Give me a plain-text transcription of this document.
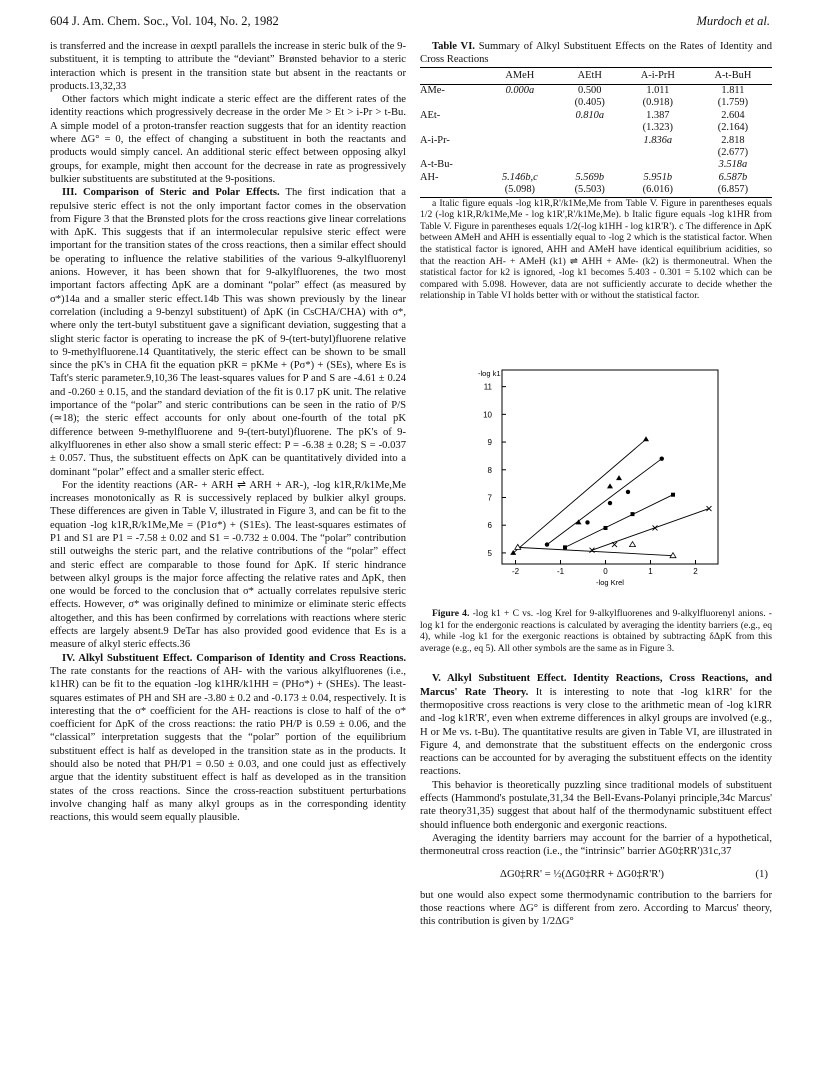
604 J. Am. Chem. Soc., Vol. 104, No. 2, 1982	Murdoch et al.

is transferred and the increase in αexptl parallels the increase in steric bulk of the 9-substituent, it is tempting to attribute the “deviant” Brønsted behavior to a steric interaction which is present in the transition state but absent in the reactants or products.13,32,33

Other factors which might indicate a steric effect are the different rates of the identity reactions which progressively decrease in the order Me > Et > i-Pr > t-Bu. A simple model of a proton-transfer reaction suggests that for an identity reaction where ΔG° = 0, the effect of changing a substituent in both the reactants and products would simply cancel. An additional steric effect between opposing alkyl groups, for example, might then account for the decrease in rate as progressively bulkier substituents are substituted at the 9-positions.

III. Comparison of Steric and Polar Effects. The first indication that a repulsive steric effect is not the only important factor comes in the observation from Figure 3 that the Brønsted plots for the cross reactions give linear correlations with ΔpK. This suggests that if an intermolecular repulsive steric effect were important for the transition states of the cross reactions, then a similar effect should be operating to influence the relative stabilities of the various 9-alkylfluorenyl anions. However, it has been shown that for 9-alkylfluorenes, the two most important factors affecting ΔpK are a dominant “polar” effect (as measured by σ*)14a and a smaller steric effect.14b This was shown previously by the linear correlation (including a 9-benzyl substituent) of ΔpK (in CsCHA/CHA) with σ*, where only the tert-butyl substituent gave a significant deviation, suggesting that a slight steric factor is operating to increase the pK of 9-(tert-butyl)fluorene relative to 9-methylfluorene.14 Quantitatively, the steric effect can be shown to be small since the pK's in CHA fit the equation pKR = pKMe + (Pσ*) + (SEs), where Es is Taft's steric parameter.9,10,36 The least-squares values for P and S are -4.61 ± 0.24 and -0.260 ± 0.15, and the standard deviation of the fit is 0.17 pK unit. The relative importance of the “polar” and steric contributions can be seen in the ratio of P/S (≃18); the steric effect accounts for only about one-fourth of the total pK difference between 9-methylfluorene and 9-(tert-butyl)fluorene. The pK's of 9-alkylfluorenes in ether also show a small steric effect: P = -6.38 ± 0.28; S = -0.037 ± 0.057. Thus, the substituent effects on ΔpK can be quantitatively divided into a dominant “polar” effect and a smaller steric effect.

For the identity reactions (AR- + ARH ⇌ ARH + AR-), -log k1R,R/k1Me,Me increases monotonically as R is successively replaced by bulkier alkyl groups. These differences are given in Table V, illustrated in Figure 3, and can be fit to the equation -log k1R,R/k1Me,Me = (P1σ*) + (S1Es). The least-squares estimates of P1 and S1 are P1 = -7.58 ± 0.02 and S1 = -0.732 ± 0.004. The “polar” contribution still outweighs the steric part, and the relative contributions of the “polar” effect and steric effect are comparable to those found for ΔpK. If steric hindrance between alkyl groups is the major force affecting the relative rates and ΔpK, then one would be forced to the conclusion that σ* actually correlates repulsive steric effects. However, σ* was originally defined to minimize or eliminate steric effects altogether, and this has been confirmed by correlations with reactions where steric effects are largely absent.9 DeTar has also provided good evidence that Es is a measure of alkyl steric effects.36

IV. Alkyl Substituent Effect. Comparison of Identity and Cross Reactions. The rate constants for the reactions of AH- with the various alkylfluorenes (i.e., k1HR) can be fit to the equation -log k1HR/k1HH = (PHσ*) + (SHEs). The least-squares estimates of PH and SH are -3.80 ± 0.2 and -0.173 ± 0.04, respectively. It is interesting that the σ* coefficient for the AH- reactions is close to half of the σ* coefficient for ΔpK of the cross reactions: the ratio PH/P is 0.59 ± 0.06, and the “classical” interpretation suggests that the “polar” portion of the equilibrium substituent effect is half as developed in the transition state as in the products. It should also be noted that PH/P1 = 0.50 ± 0.03, and one could just as effectively argue that the identity substituent effect is half as developed as in the transition states of the cross reactions. Since the cross-reaction substituent perturbations involve changing half as many alkyl groups as in the corresponding identity reactions, this would seem equally plausible.

Table VI. Summary of Alkyl Substituent Effects on the Rates of Identity and Cross Reactions

	AMeH	AEtH	A-i-PrH	A-t-BuH
AMe-	0.000a	0.500	1.011	1.811
		(0.405)	(0.918)	(1.759)
AEt-		0.810a	1.387	2.604
			(1.323)	(2.164)
A-i-Pr-			1.836a	2.818
				(2.677)
A-t-Bu-				3.518a
AH-	5.146b,c	5.569b	5.951b	6.587b
	(5.098)	(5.503)	(6.016)	(6.857)

a Italic figure equals -log k1R,R'/k1Me,Me from Table V. Figure in parentheses equals 1/2 (-log k1R,R/k1Me,Me - log k1R',R'/k1Me,Me). b Italic figure equals -log k1HR from Table V. Figure in parentheses equals 1/2(-log k1HH - log k1R'R'). c The difference in ΔpK between AMeH and AHH is essentially equal to -log 2 which is the statistical factor. When the statistical factor is ignored, AHH and AMeH have identical equilibrium acidities, so that the reaction AH- + AMeH (k1) ⇌ AHH + AMe- (k2) is thermoneutral. When the statistical factor for k2 is ignored, -log k1 becomes 5.403 - 0.301 = 5.102 which can be compared with 5.098. However, data are not sufficiently accurate to decide whether the relationship in Table VI holds better with or without the statistical factor.

5
6
7
8
9
10
11
-2	-1	0	1	2
-log k1
-log Krel

Figure 4. -log k1 + C vs. -log Krel for 9-alkylfluorenes and 9-alkylfluorenyl anions. -log k1 for the endergonic reactions is calculated by averaging the identity barriers (e.g., eq 4), while -log k1 for the exergonic reactions is obtained by subtracting δΔpK from this average (e.g., eq 5). All other symbols are the same as in Figure 3.

V. Alkyl Substituent Effect. Identity Reactions, Cross Reactions, and Marcus' Rate Theory. It is interesting to note that -log k1RR' for the thermopositive cross reactions is very close to the arithmetic mean of -log k1RR and -log k1R'R', even when extreme differences in alkyl groups are involved (e.g., H or Me vs. t-Bu). The quantitative results are given in Table VI, are illustrated in Figure 4, and demonstrate that the substituent effects on the endergonic cross reactions can be accounted for by averaging the substituent effects on the identity reactions.

This behavior is theoretically puzzling since traditional models of substituent effects (Hammond's postulate,31,34 the Bell-Evans-Polanyi principle,34c Marcus' rate theory31,35) suggest that about half of the thermodynamic substituent effect should influence both endergonic and exergonic reactions.

Averaging the identity barriers may account for the barrier of a hypothetical, thermoneutral cross reaction (i.e., the “intrinsic” barrier ΔG0‡RR')31c,37

ΔG0‡RR' = ½(ΔG0‡RR + ΔG0‡R'R')	(1)

but one would also expect some thermodynamic contribution to the barriers for those reactions where ΔG° is different from zero. According to Marcus' theory, this contribution is given by 1/2ΔG°
